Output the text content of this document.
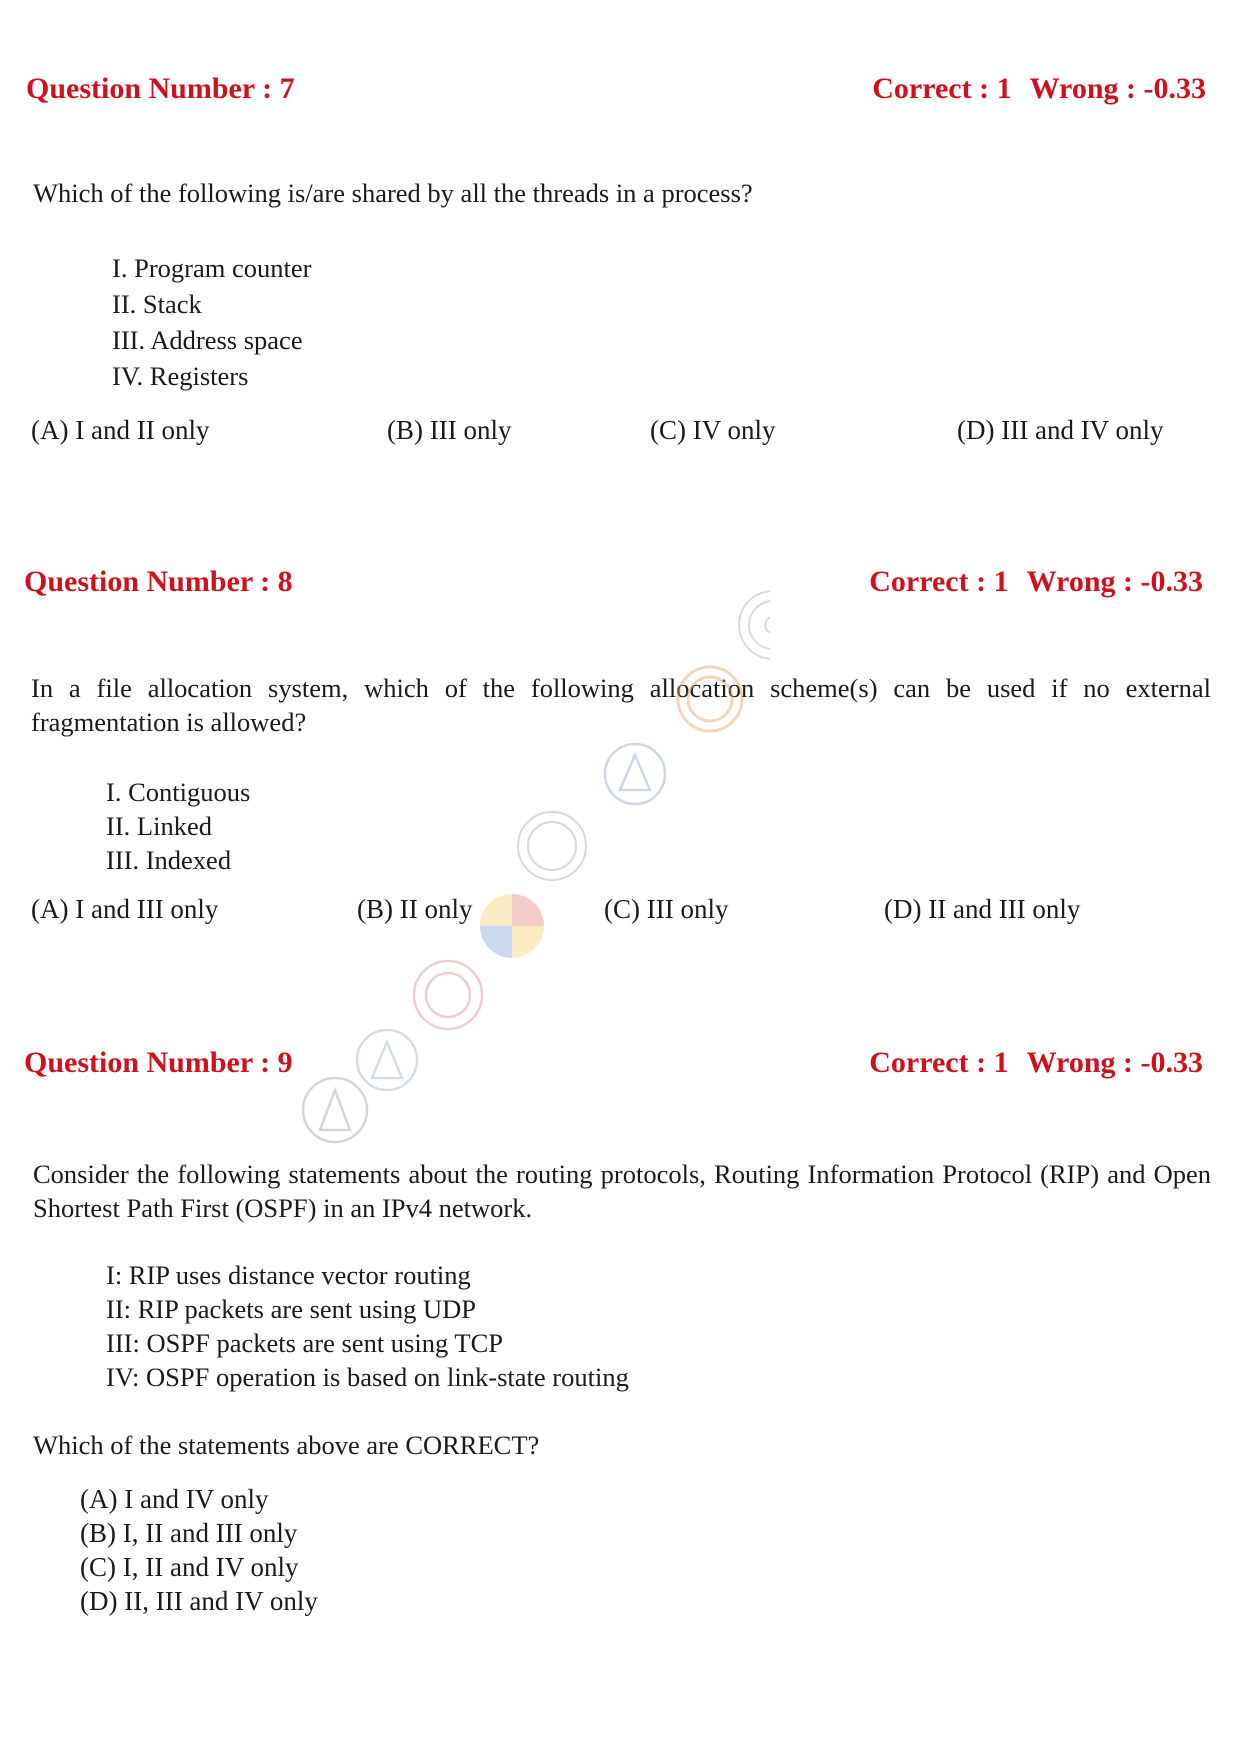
Question Number : 7	Correct : 1 Wrong : -0.33
Which of the following is/are shared by all the threads in a process?
I. Program counter
II. Stack
III. Address space
IV. Registers
(A) I and II only	(B) III only	(C) IV only	(D) III and IV only
Question Number : 8	Correct : 1 Wrong : -0.33
In a file allocation system, which of the following allocation scheme(s) can be used if no external fragmentation is allowed?
I. Contiguous
II. Linked
III. Indexed
(A) I and III only	(B) II only	(C) III only	(D) II and III only
Question Number : 9	Correct : 1 Wrong : -0.33
Consider the following statements about the routing protocols, Routing Information Protocol (RIP) and Open Shortest Path First (OSPF) in an IPv4 network.
I: RIP uses distance vector routing
II: RIP packets are sent using UDP
III: OSPF packets are sent using TCP
IV: OSPF operation is based on link-state routing
Which of the statements above are CORRECT?
(A) I and IV only
(B) I, II and III only
(C) I, II and IV only
(D) II, III and IV only
